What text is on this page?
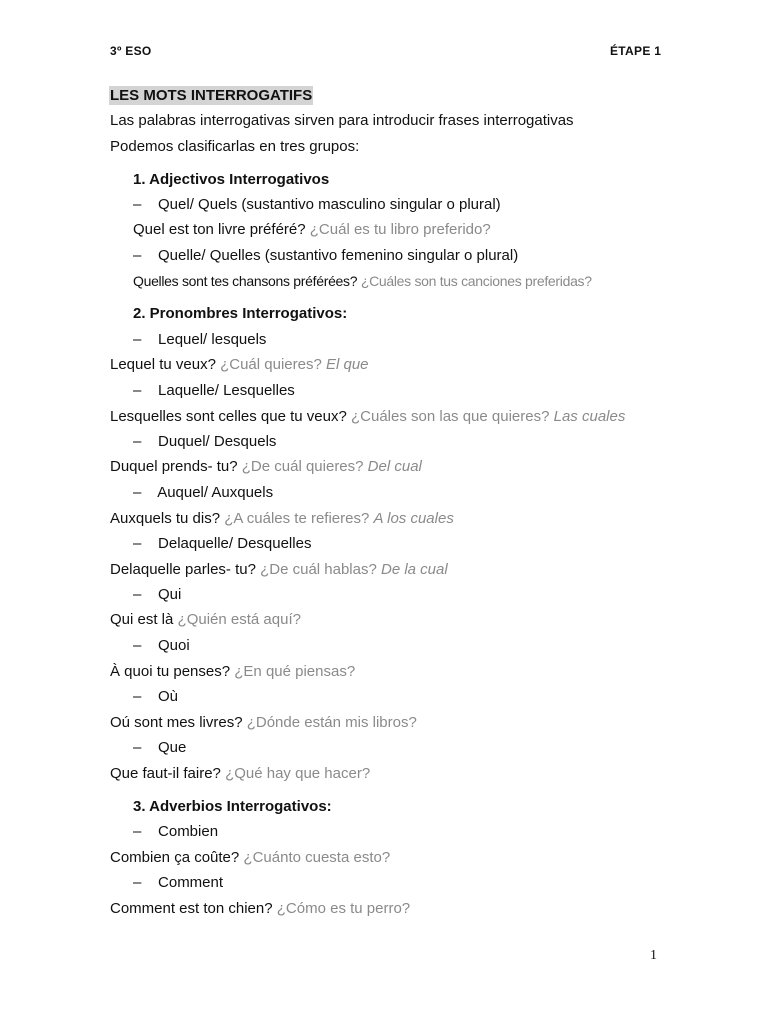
3º ESO	ÉTAPE 1
LES MOTS INTERROGATIFS
Las palabras interrogativas sirven para introducir frases interrogativas
Podemos clasificarlas en tres grupos:
1. Adjectivos Interrogativos
– Quel/ Quels (sustantivo masculino singular o plural)
Quel est ton livre préféré? ¿Cuál es tu libro preferido?
– Quelle/ Quelles (sustantivo femenino singular o plural)
Quelles sont tes chansons préférées? ¿Cuáles son tus canciones preferidas?
2. Pronombres Interrogativos:
– Lequel/ lesquels
Lequel tu veux? ¿Cuál quieres? El que
– Laquelle/ Lesquelles
Lesquelles sont celles que tu veux? ¿Cuáles son las que quieres? Las cuales
– Duquel/ Desquels
Duquel prends- tu? ¿De cuál quieres? Del cual
– Auquel/ Auxquels
Auxquels tu dis? ¿A cuáles te refieres? A los cuales
– Delaquelle/ Desquelles
Delaquelle parles- tu? ¿De cuál hablas? De la cual
– Qui
Qui est là ¿Quién está aquí?
– Quoi
À quoi tu penses? ¿En qué piensas?
– Où
Oú sont mes livres? ¿Dónde están mis libros?
– Que
Que faut-il faire? ¿Qué hay que hacer?
3. Adverbios Interrogativos:
– Combien
Combien ça coûte? ¿Cuánto cuesta esto?
– Comment
Comment est ton chien? ¿Cómo es tu perro?
1
